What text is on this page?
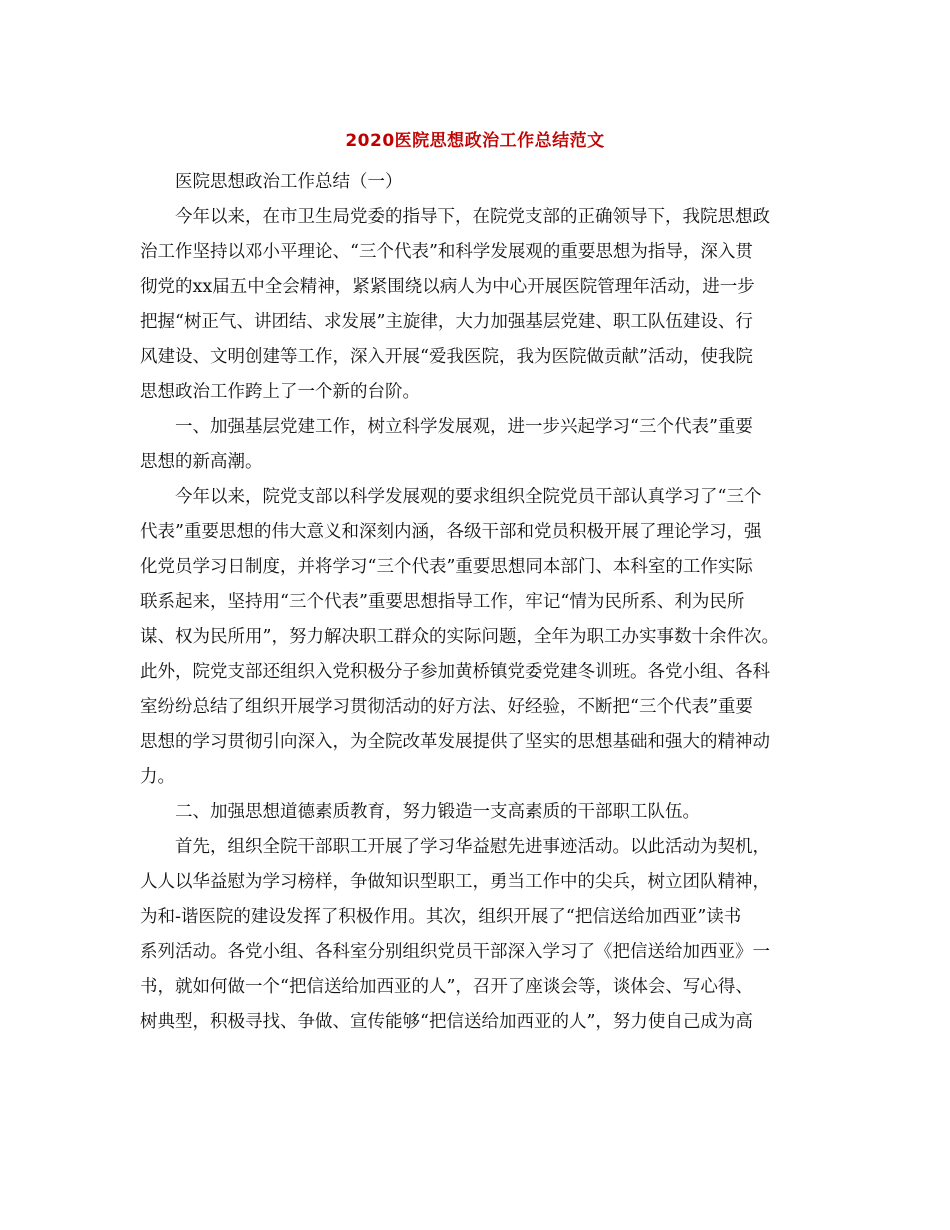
2020医院思想政治工作总结范文
医院思想政治工作总结（一）
今年以来，在市卫生局党委的指导下，在院党支部的正确领导下，我院思想政
治工作坚持以邓小平理论、“三个代表”和科学发展观的重要思想为指导，深入贯
彻党的xx届五中全会精神，紧紧围绕以病人为中心开展医院管理年活动，进一步
把握“树正气、讲团结、求发展”主旋律，大力加强基层党建、职工队伍建设、行
风建设、文明创建等工作，深入开展“爱我医院，我为医院做贡献”活动，使我院
思想政治工作跨上了一个新的台阶。
一、加强基层党建工作，树立科学发展观，进一步兴起学习“三个代表”重要
思想的新高潮。
今年以来，院党支部以科学发展观的要求组织全院党员干部认真学习了“三个
代表”重要思想的伟大意义和深刻内涵，各级干部和党员积极开展了理论学习，强
化党员学习日制度，并将学习“三个代表”重要思想同本部门、本科室的工作实际
联系起来，坚持用“三个代表”重要思想指导工作，牢记“情为民所系、利为民所
谋、权为民所用”，努力解决职工群众的实际问题，全年为职工办实事数十余件次。
此外，院党支部还组织入党积极分子参加黄桥镇党委党建冬训班。各党小组、各科
室纷纷总结了组织开展学习贯彻活动的好方法、好经验，不断把“三个代表”重要
思想的学习贯彻引向深入，为全院改革发展提供了坚实的思想基础和强大的精神动
力。
二、加强思想道德素质教育，努力锻造一支高素质的干部职工队伍。
首先，组织全院干部职工开展了学习华益慰先进事迹活动。以此活动为契机，
人人以华益慰为学习榜样，争做知识型职工，勇当工作中的尖兵，树立团队精神，
为和-谐医院的建设发挥了积极作用。其次，组织开展了“把信送给加西亚”读书
系列活动。各党小组、各科室分别组织党员干部深入学习了《把信送给加西亚》一
书，就如何做一个“把信送给加西亚的人”，召开了座谈会等，谈体会、写心得、
树典型，积极寻找、争做、宣传能够“把信送给加西亚的人”，努力使自己成为高
